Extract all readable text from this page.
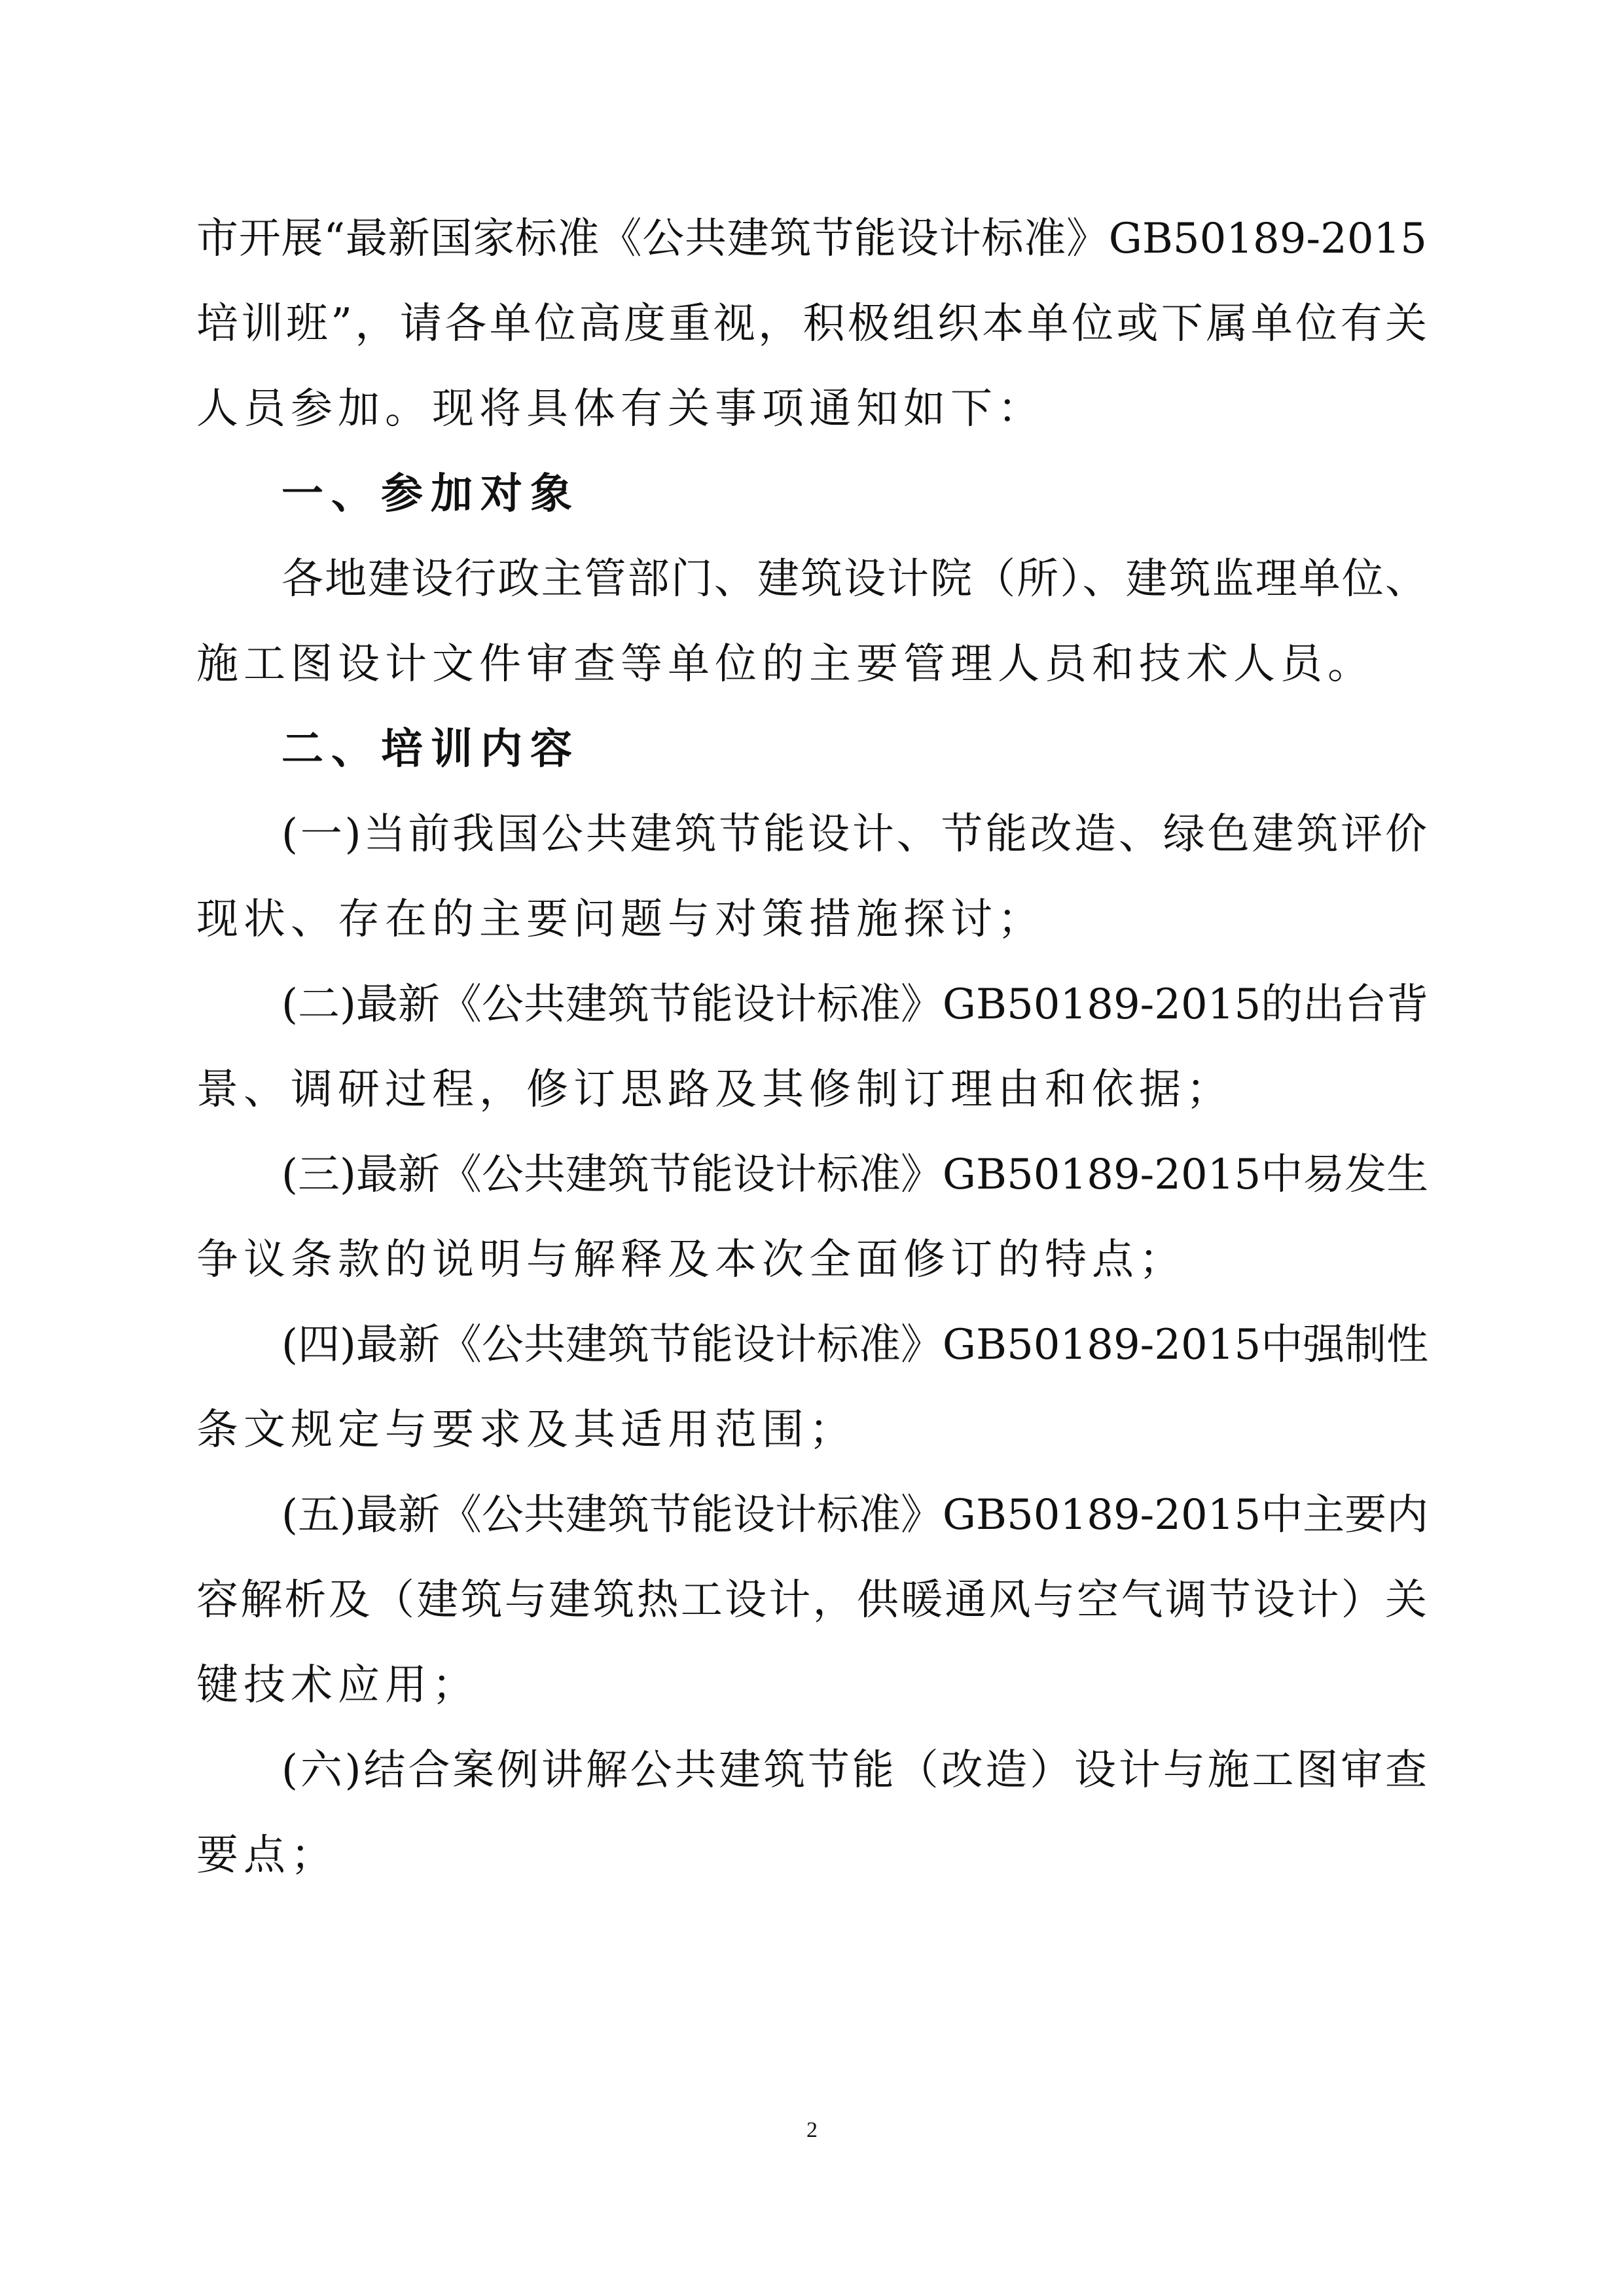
市开展“最新国家标准《公共建筑节能设计标准》GB50189-2015
培训班”，请各单位高度重视，积极组织本单位或下属单位有关
人员参加。现将具体有关事项通知如下：
一、参加对象
各地建设行政主管部门、建筑设计院（所）、建筑监理单位、
施工图设计文件审查等单位的主要管理人员和技术人员。
二、培训内容
(一)当前我国公共建筑节能设计、节能改造、绿色建筑评价
现状、存在的主要问题与对策措施探讨；
(二)最新《公共建筑节能设计标准》GB50189-2015的出台背
景、调研过程，修订思路及其修制订理由和依据；
(三)最新《公共建筑节能设计标准》GB50189-2015中易发生
争议条款的说明与解释及本次全面修订的特点；
(四)最新《公共建筑节能设计标准》GB50189-2015中强制性
条文规定与要求及其适用范围；
(五)最新《公共建筑节能设计标准》GB50189-2015中主要内
容解析及（建筑与建筑热工设计，供暖通风与空气调节设计）关
键技术应用；
(六)结合案例讲解公共建筑节能（改造）设计与施工图审查
要点；
2
